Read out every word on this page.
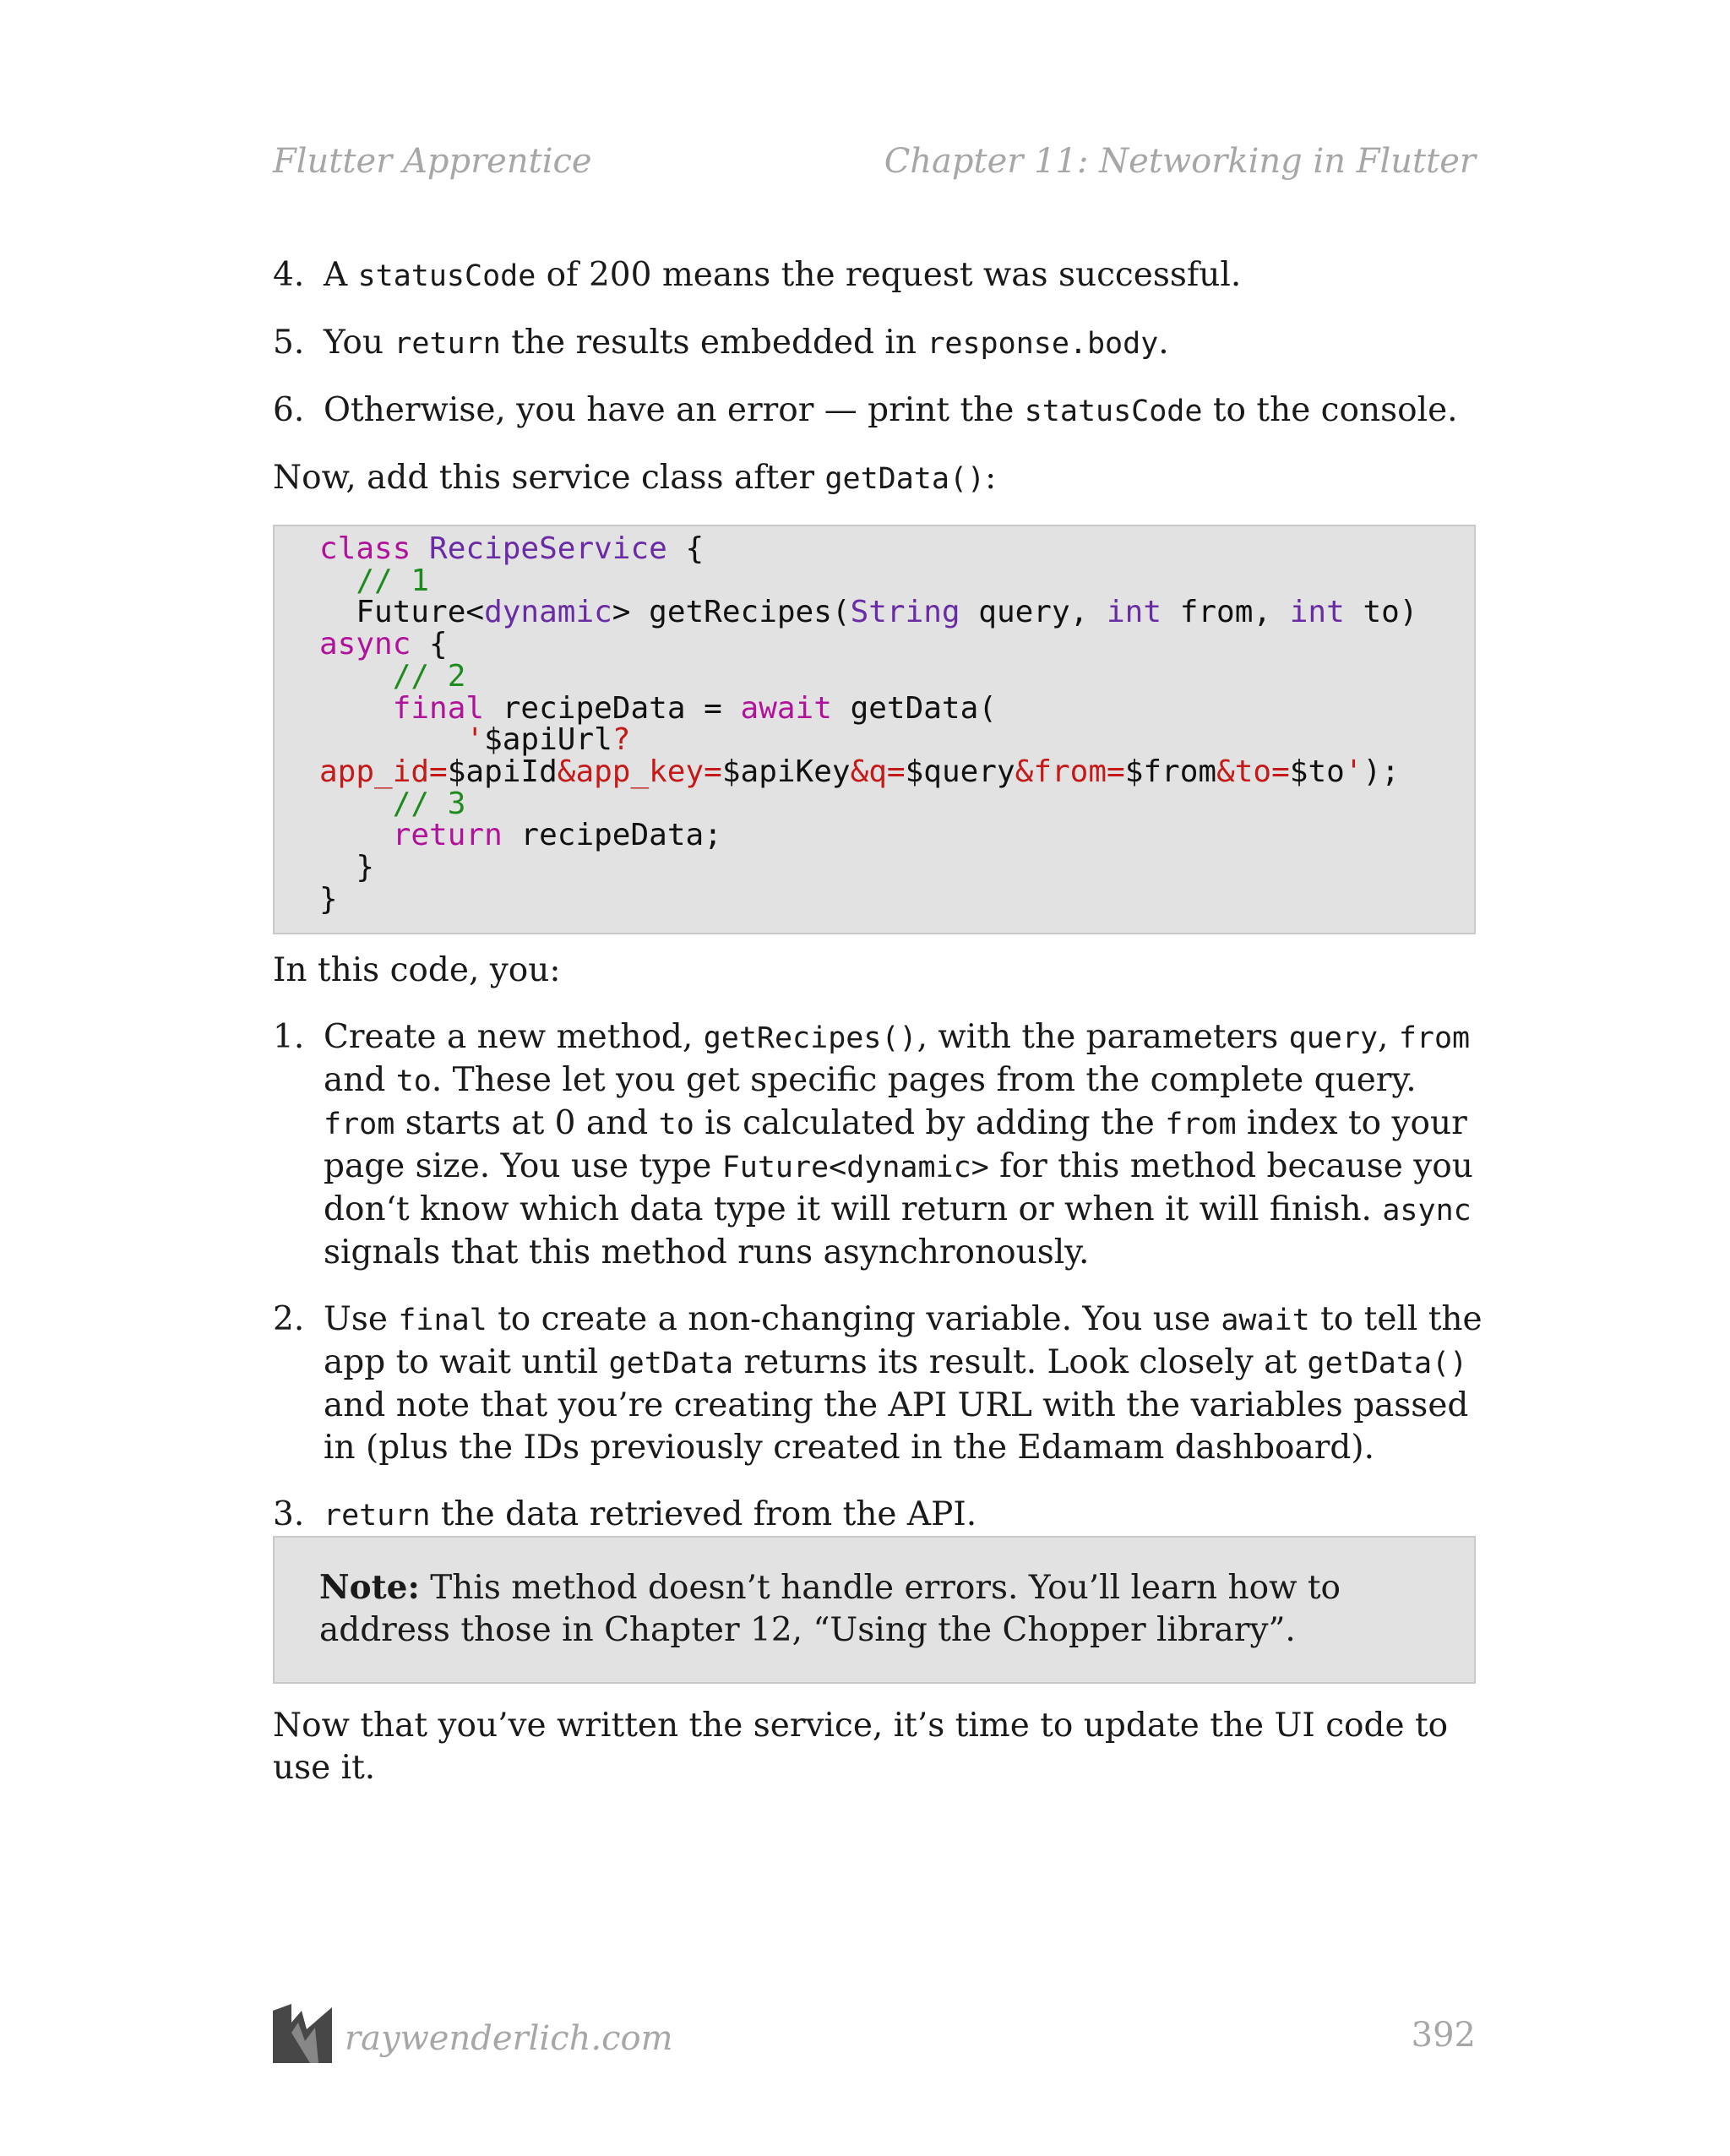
Flutter Apprentice	Chapter 11: Networking in Flutter
4. A statusCode of 200 means the request was successful.
5. You return the results embedded in response.body.
6. Otherwise, you have an error — print the statusCode to the console.
Now, add this service class after getData():
class RecipeService {
// 1
Future<dynamic> getRecipes(String query, int from, int to)
async {
// 2
final recipeData = await getData(
'$apiUrl?
app_id=$apiId&app_key=$apiKey&q=$query&from=$from&to=$to');
// 3
return recipeData;
}
}
In this code, you:
1. Create a new method, getRecipes(), with the parameters query, from and to. These let you get specific pages from the complete query. from starts at 0 and to is calculated by adding the from index to your page size. You use type Future<dynamic> for this method because you don‘t know which data type it will return or when it will finish. async signals that this method runs asynchronously.
2. Use final to create a non-changing variable. You use await to tell the app to wait until getData returns its result. Look closely at getData() and note that you’re creating the API URL with the variables passed in (plus the IDs previously created in the Edamam dashboard).
3. return the data retrieved from the API.
Note: This method doesn’t handle errors. You’ll learn how to address those in Chapter 12, “Using the Chopper library”.
Now that you’ve written the service, it’s time to update the UI code to use it.
raywenderlich.com	392
